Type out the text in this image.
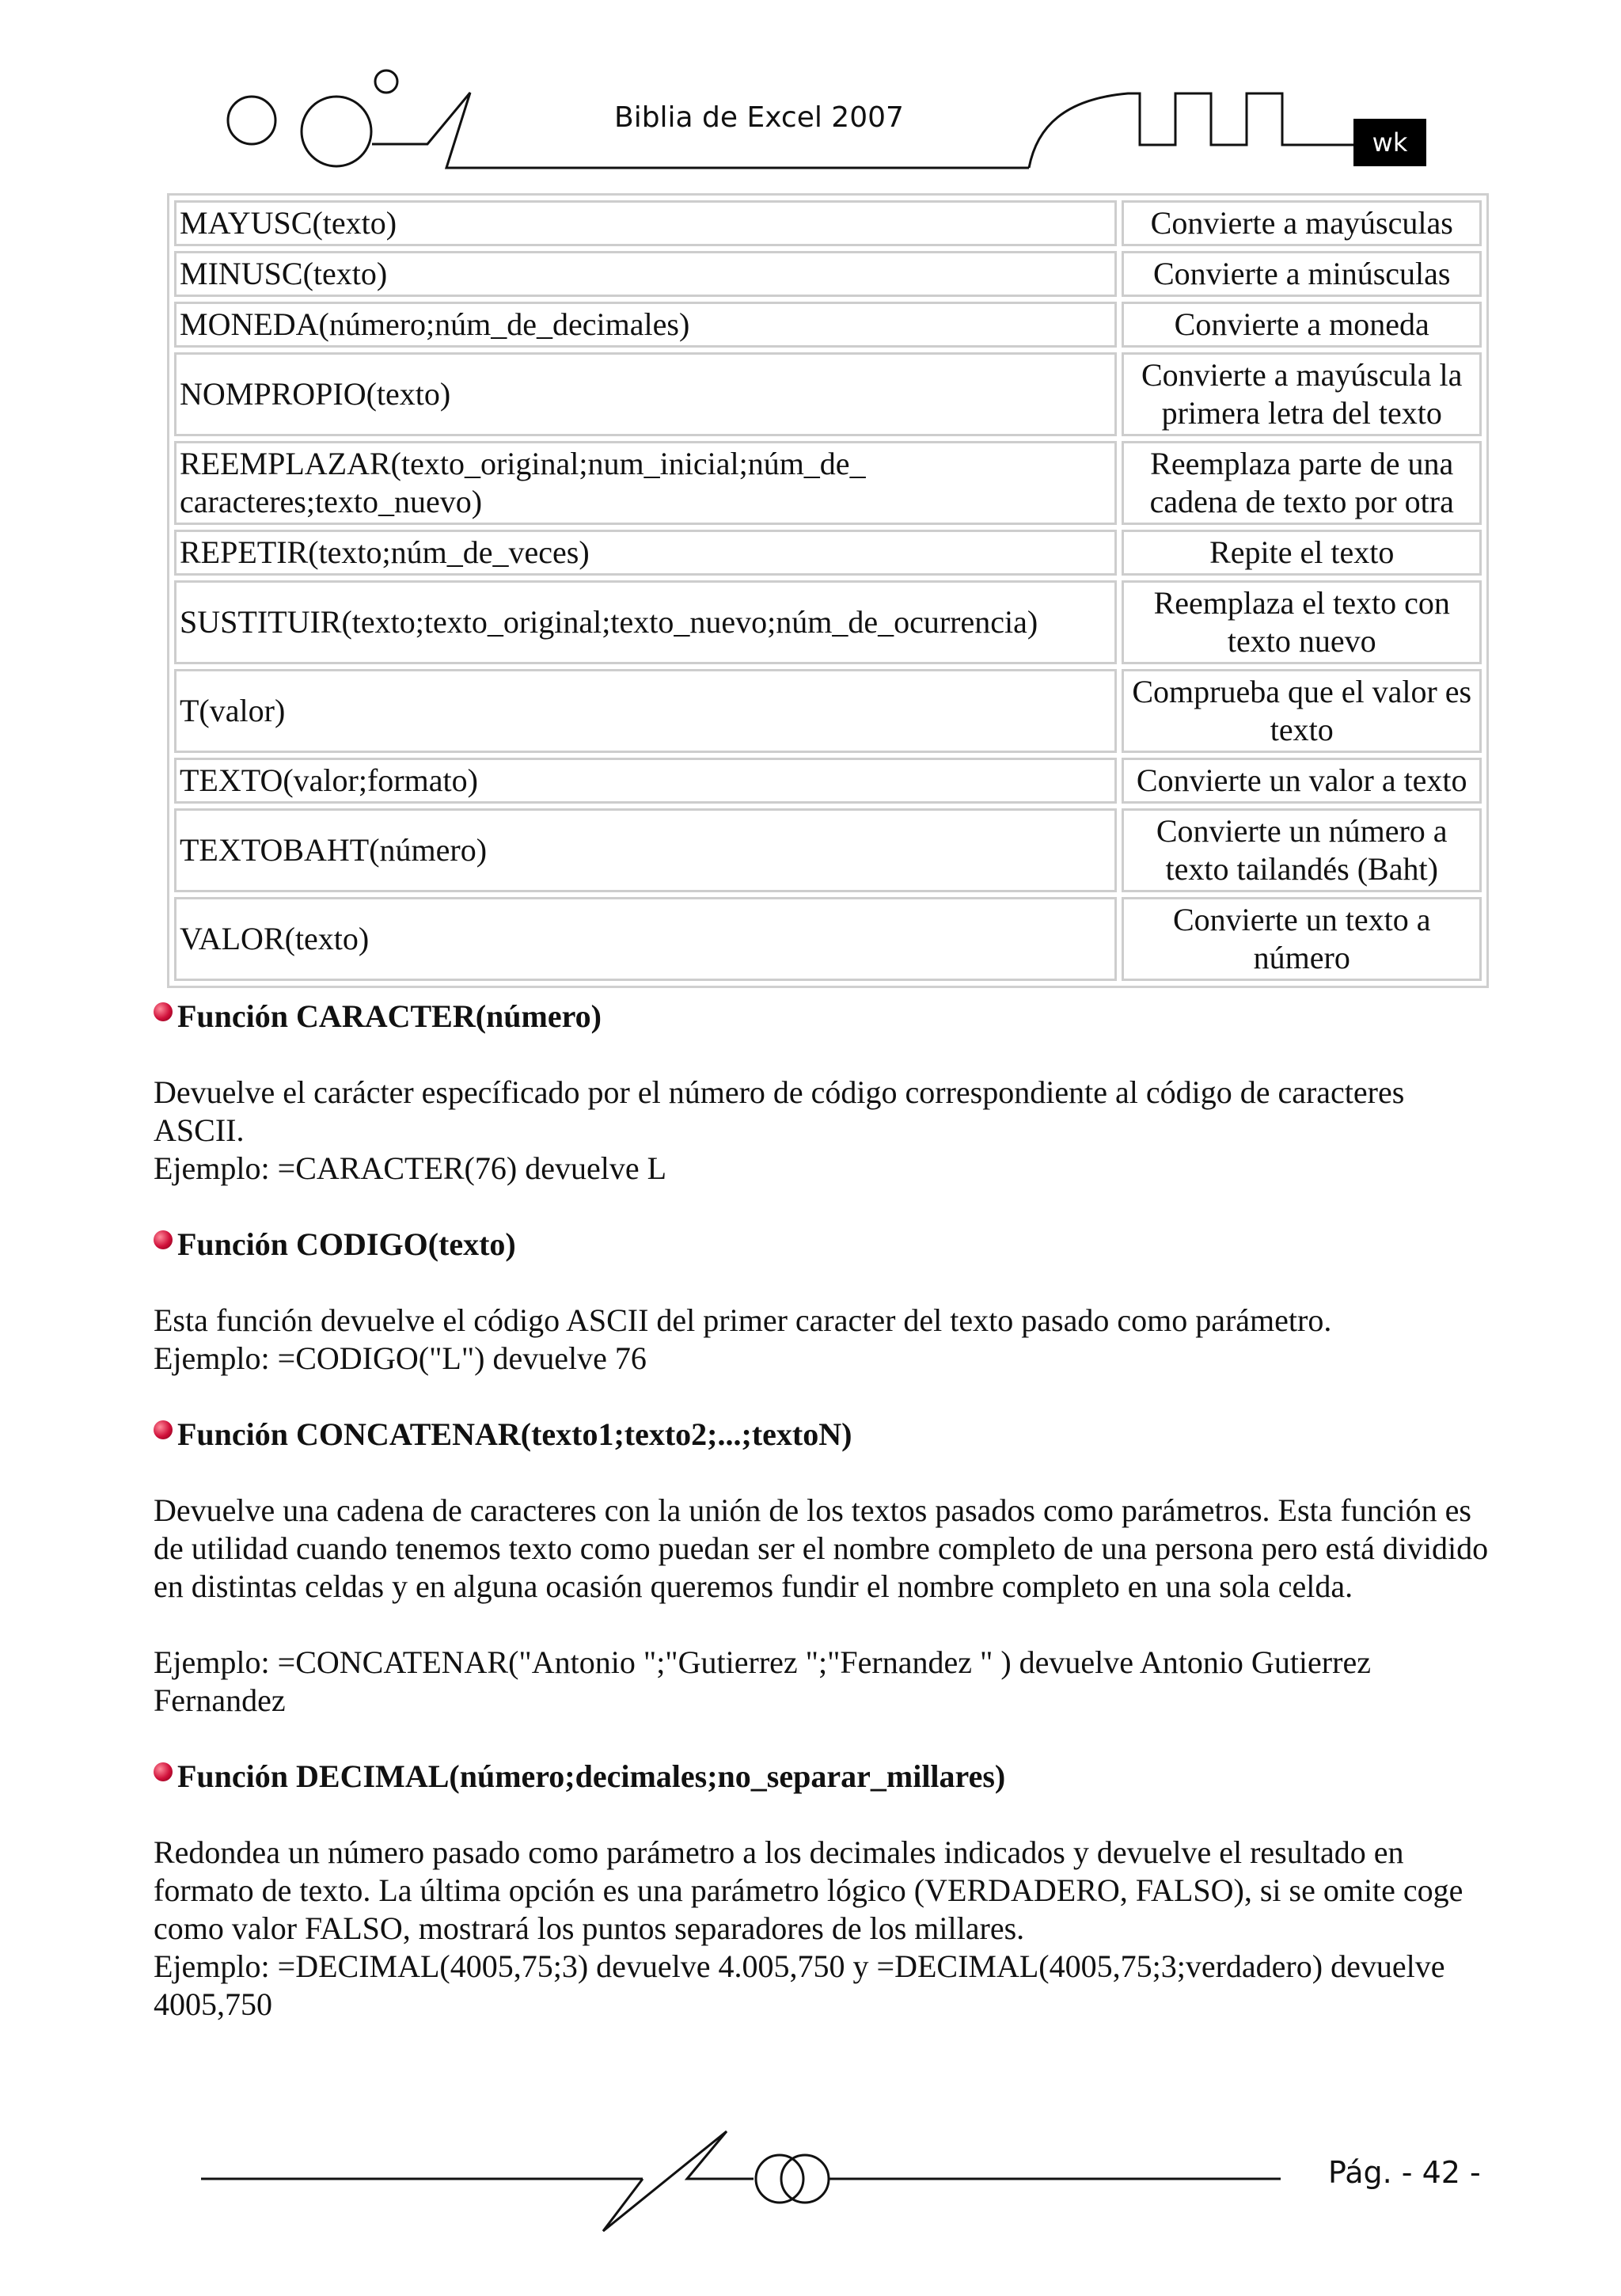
Biblia de Excel 2007
wk
MAYUSC(texto)	Convierte a mayúsculas
MINUSC(texto)	Convierte a minúsculas
MONEDA(número;núm_de_decimales)	Convierte a moneda
NOMPROPIO(texto)	Convierte a mayúscula la primera letra del texto
REEMPLAZAR(texto_original;num_inicial;núm_de_ caracteres;texto_nuevo)	Reemplaza parte de una cadena de texto por otra
REPETIR(texto;núm_de_veces)	Repite el texto
SUSTITUIR(texto;texto_original;texto_nuevo;núm_de_ocurrencia)	Reemplaza el texto con texto nuevo
T(valor)	Comprueba que el valor es texto
TEXTO(valor;formato)	Convierte un valor a texto
TEXTOBAHT(número)	Convierte un número a texto tailandés (Baht)
VALOR(texto)	Convierte un texto a número
Función CARACTER(número)
Devuelve el carácter específicado por el número de código correspondiente al código de caracteres ASCII.
Ejemplo: =CARACTER(76) devuelve L
Función CODIGO(texto)
Esta función devuelve el código ASCII del primer caracter del texto pasado como parámetro.
Ejemplo: =CODIGO("L") devuelve 76
Función CONCATENAR(texto1;texto2;...;textoN)
Devuelve una cadena de caracteres con la unión de los textos pasados como parámetros. Esta función es de utilidad cuando tenemos texto como puedan ser el nombre completo de una persona pero está dividido en distintas celdas y en alguna ocasión queremos fundir el nombre completo en una sola celda.
Ejemplo: =CONCATENAR("Antonio ";"Gutierrez ";"Fernandez " ) devuelve Antonio Gutierrez Fernandez
Función DECIMAL(número;decimales;no_separar_millares)
Redondea un número pasado como parámetro a los decimales indicados y devuelve el resultado en formato de texto. La última opción es una parámetro lógico (VERDADERO, FALSO), si se omite coge como valor FALSO, mostrará los puntos separadores de los millares.
Ejemplo: =DECIMAL(4005,75;3) devuelve 4.005,750 y =DECIMAL(4005,75;3;verdadero) devuelve 4005,750
Pág. - 42 -
